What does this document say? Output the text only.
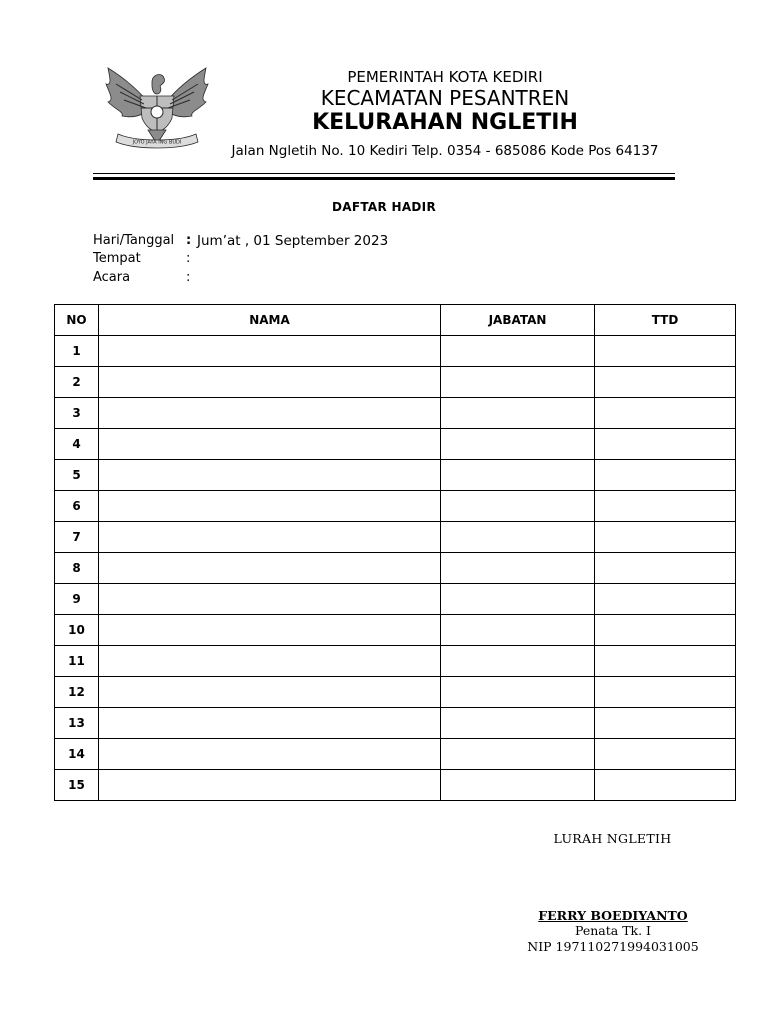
JOYO JAYA ING BUDI
PEMERINTAH KOTA KEDIRI
KECAMATAN PESANTREN
KELURAHAN NGLETIH
Jalan Ngletih No. 10 Kediri Telp. 0354 - 685086 Kode Pos 64137
DAFTAR HADIR
Hari/Tanggal : Jum’at , 01 September 2023
Tempat	:
Acara	:
NO	NAMA	JABATAN	TTD
1			
2			
3			
4			
5			
6			
7			
8			
9			
10			
11			
12			
13			
14			
15			
LURAH NGLETIH
FERRY BOEDIYANTO
Penata Tk. I
NIP 197110271994031005
